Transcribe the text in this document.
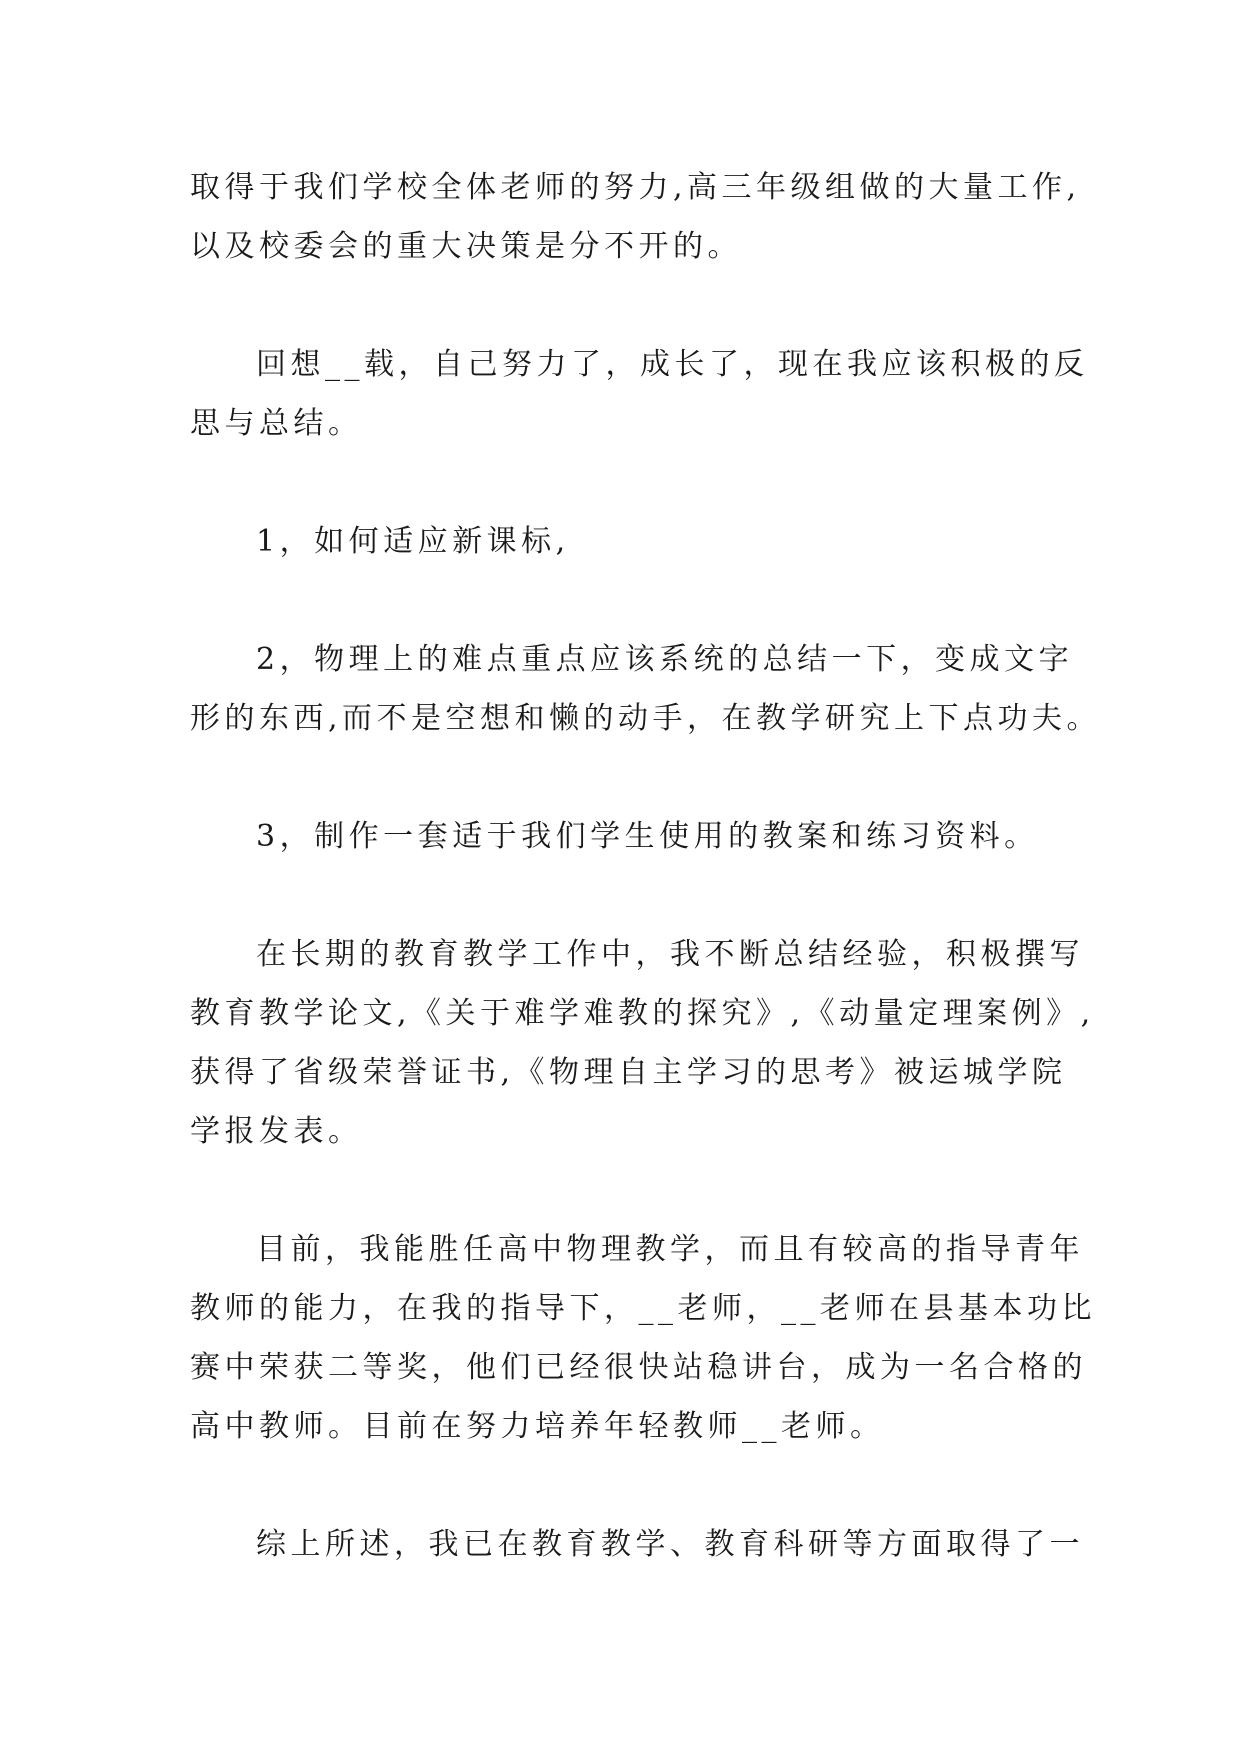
取得于我们学校全体老师的努力,高三年级组做的大量工作,
以及校委会的重大决策是分不开的。

回想__载，自己努力了，成长了，现在我应该积极的反
思与总结。

1，如何适应新课标,

2，物理上的难点重点应该系统的总结一下，变成文字
形的东西,而不是空想和懒的动手，在教学研究上下点功夫。

3，制作一套适于我们学生使用的教案和练习资料。

在长期的教育教学工作中，我不断总结经验，积极撰写
教育教学论文,《关于难学难教的探究》,《动量定理案例》,
获得了省级荣誉证书,《物理自主学习的思考》被运城学院
学报发表。

目前，我能胜任高中物理教学，而且有较高的指导青年
教师的能力，在我的指导下，__老师，__老师在县基本功比
赛中荣获二等奖，他们已经很快站稳讲台，成为一名合格的
高中教师。目前在努力培养年轻教师__老师。

综上所述，我已在教育教学、教育科研等方面取得了一
